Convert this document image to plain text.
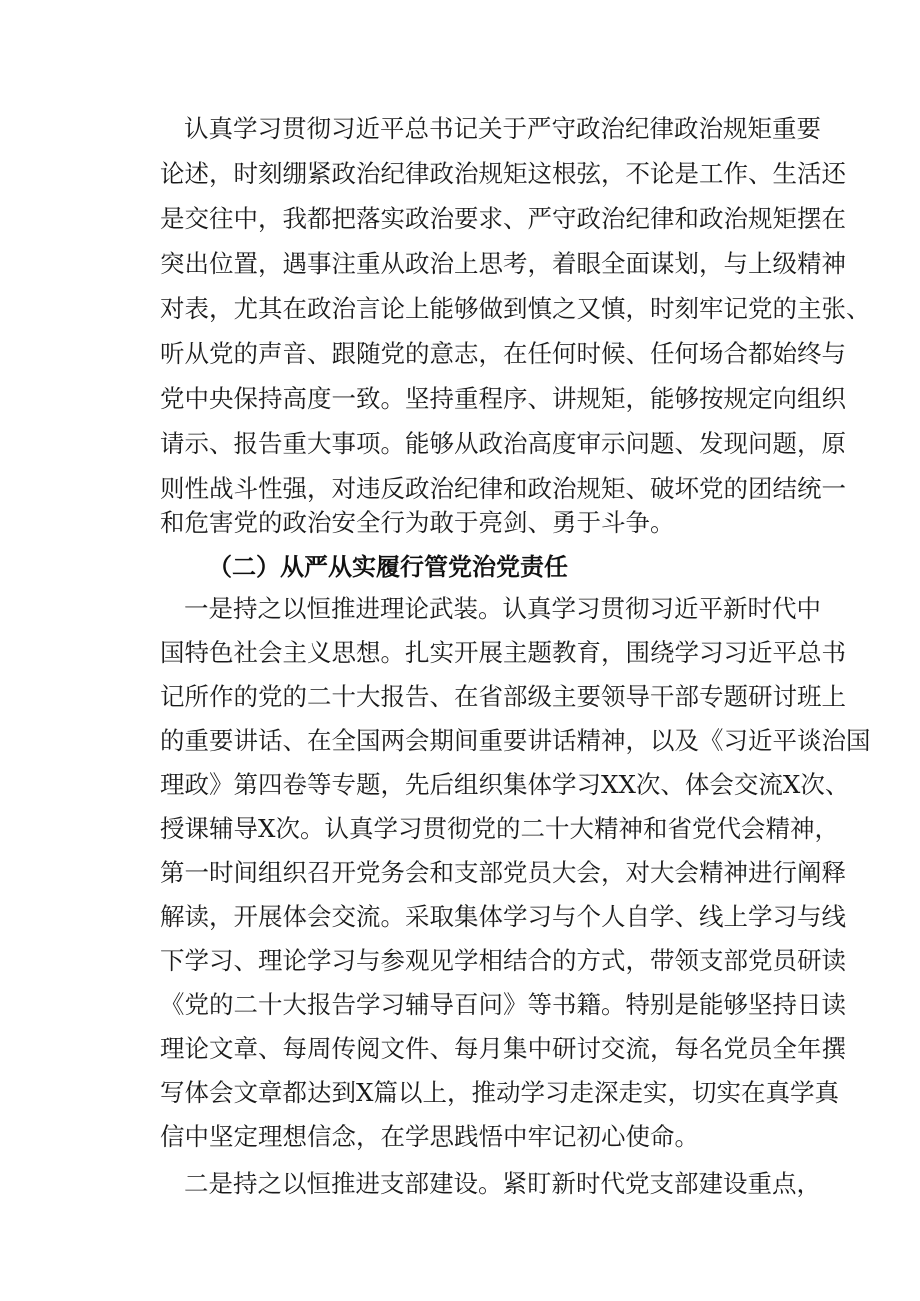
认真学习贯彻习近平总书记关于严守政治纪律政治规矩重要
论述，时刻绷紧政治纪律政治规矩这根弦，不论是工作、生活还
是交往中，我都把落实政治要求、严守政治纪律和政治规矩摆在
突出位置，遇事注重从政治上思考，着眼全面谋划，与上级精神
对表，尤其在政治言论上能够做到慎之又慎，时刻牢记党的主张、
听从党的声音、跟随党的意志，在任何时候、任何场合都始终与
党中央保持高度一致。坚持重程序、讲规矩，能够按规定向组织
请示、报告重大事项。能够从政治高度审示问题、发现问题，原
则性战斗性强，对违反政治纪律和政治规矩、破坏党的团结统一
和危害党的政治安全行为敢于亮剑、勇于斗争。
（二）从严从实履行管党治党责任
一是持之以恒推进理论武装。认真学习贯彻习近平新时代中
国特色社会主义思想。扎实开展主题教育，围绕学习习近平总书
记所作的党的二十大报告、在省部级主要领导干部专题研讨班上
的重要讲话、在全国两会期间重要讲话精神，以及《习近平谈治国
理政》第四卷等专题，先后组织集体学习XX次、体会交流X次、
授课辅导X次。认真学习贯彻党的二十大精神和省党代会精神，
第一时间组织召开党务会和支部党员大会，对大会精神进行阐释
解读，开展体会交流。采取集体学习与个人自学、线上学习与线
下学习、理论学习与参观见学相结合的方式，带领支部党员研读
《党的二十大报告学习辅导百问》等书籍。特别是能够坚持日读
理论文章、每周传阅文件、每月集中研讨交流，每名党员全年撰
写体会文章都达到X篇以上，推动学习走深走实，切实在真学真
信中坚定理想信念，在学思践悟中牢记初心使命。
二是持之以恒推进支部建设。紧盯新时代党支部建设重点，
